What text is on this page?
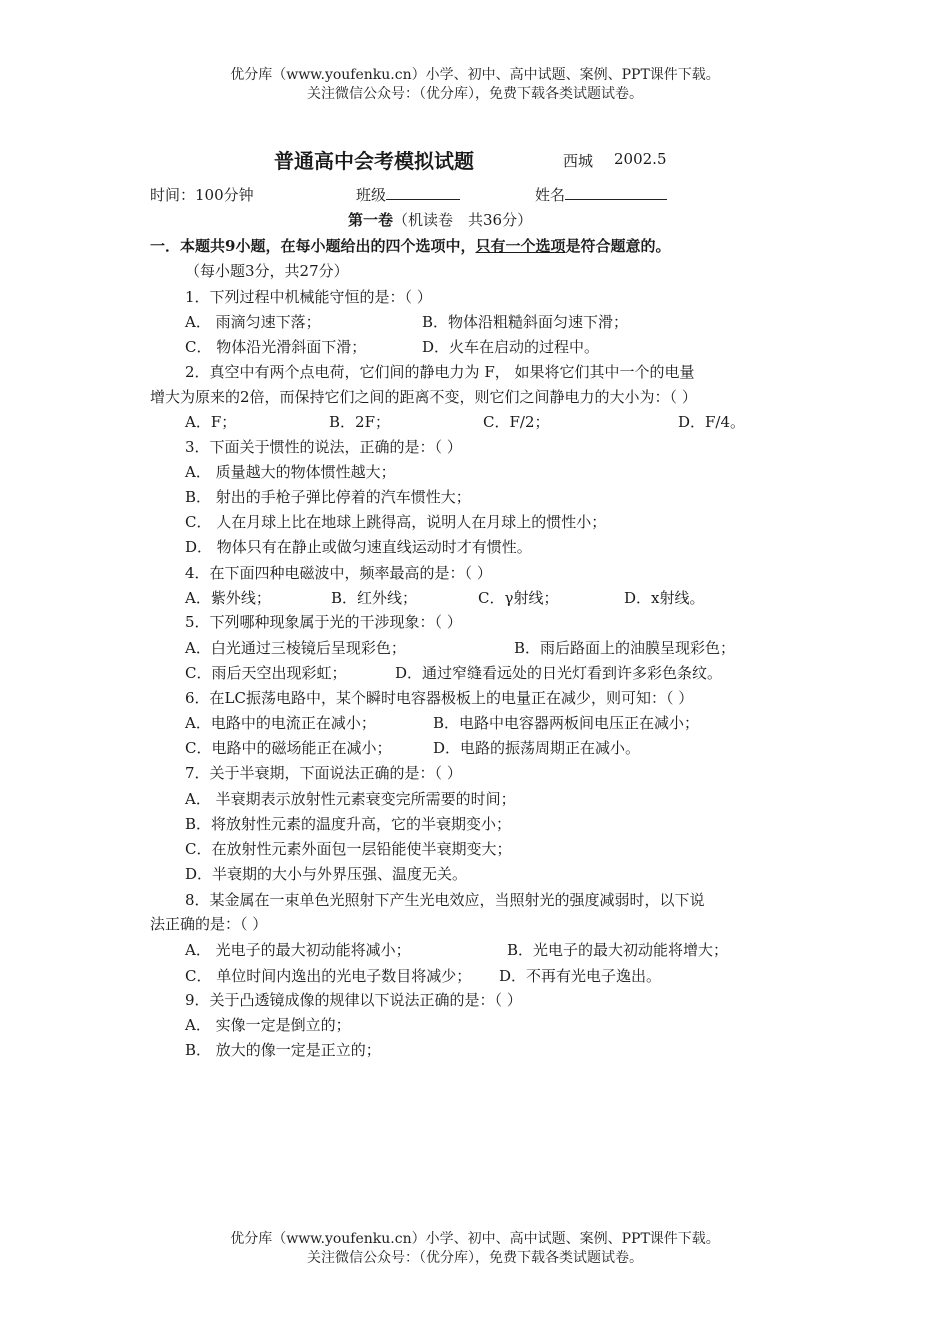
优分库（www.youfenku.cn）小学、初中、高中试题、案例、PPT课件下载。
关注微信公众号：（优分库），免费下载各类试题试卷。
普通高中会考模拟试题	西城 2002.5
时间：100分钟	班级	姓名
第一卷（机读卷　共36分）
一．本题共9小题，在每小题给出的四个选项中，只有一个选项是符合题意的。
（每小题3分，共27分）
1．下列过程中机械能守恒的是：（ ）
A． 雨滴匀速下落；	B．物体沿粗糙斜面匀速下滑；
C． 物体沿光滑斜面下滑；	D．火车在启动的过程中。
2．真空中有两个点电荷，它们间的静电力为 F， 如果将它们其中一个的电量
增大为原来的2倍，而保持它们之间的距离不变，则它们之间静电力的大小为：（ ）
A．F；	B．2F；	C．F/2；	D．F/4。
3．下面关于惯性的说法，正确的是：（ ）
A． 质量越大的物体惯性越大；
B． 射出的手枪子弹比停着的汽车惯性大；
C． 人在月球上比在地球上跳得高，说明人在月球上的惯性小；
D． 物体只有在静止或做匀速直线运动时才有惯性。
4．在下面四种电磁波中，频率最高的是：（ ）
A．紫外线；	B．红外线；	C．γ射线；	D．x射线。
5．下列哪种现象属于光的干涉现象：（ ）
A．白光通过三棱镜后呈现彩色；	B．雨后路面上的油膜呈现彩色；
C．雨后天空出现彩虹；	D．通过窄缝看远处的日光灯看到许多彩色条纹。
6．在LC振荡电路中，某个瞬时电容器极板上的电量正在减少，则可知：（ ）
A．电路中的电流正在减小；	B．电路中电容器两板间电压正在减小；
C．电路中的磁场能正在减小；	D．电路的振荡周期正在减小。
7．关于半衰期，下面说法正确的是：（ ）
A． 半衰期表示放射性元素衰变完所需要的时间；
B．将放射性元素的温度升高，它的半衰期变小；
C．在放射性元素外面包一层铅能使半衰期变大；
D．半衰期的大小与外界压强、温度无关。
8．某金属在一束单色光照射下产生光电效应，当照射光的强度减弱时，以下说
法正确的是：（ ）
A． 光电子的最大初动能将减小；	B．光电子的最大初动能将增大；
C． 单位时间内逸出的光电子数目将减少； D．不再有光电子逸出。
9．关于凸透镜成像的规律以下说法正确的是：（ ）
A． 实像一定是倒立的；
B． 放大的像一定是正立的；
优分库（www.youfenku.cn）小学、初中、高中试题、案例、PPT课件下载。
关注微信公众号：（优分库），免费下载各类试题试卷。
